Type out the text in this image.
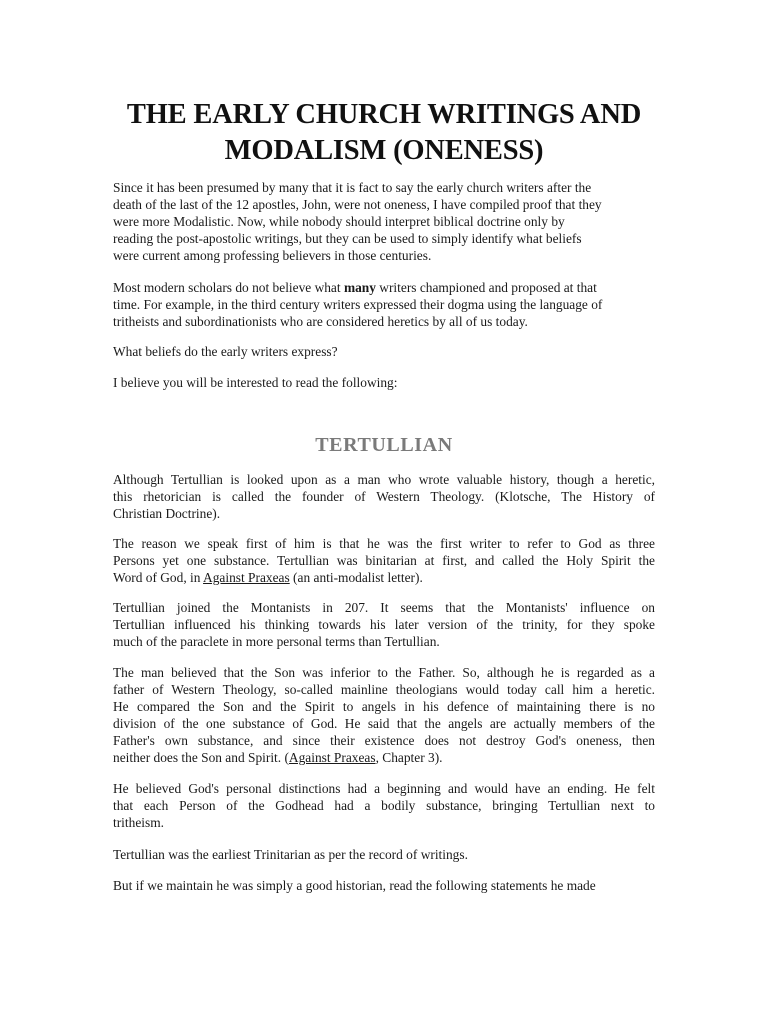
THE EARLY CHURCH WRITINGS AND
MODALISM (ONENESS)

Since it has been presumed by many that it is fact to say the early church writers after the
death of the last of the 12 apostles, John, were not oneness, I have compiled proof that they
were more Modalistic. Now, while nobody should interpret biblical doctrine only by
reading the post-apostolic writings, but they can be used to simply identify what beliefs
were current among professing believers in those centuries.

Most modern scholars do not believe what many writers championed and proposed at that
time. For example, in the third century writers expressed their dogma using the language of
tritheists and subordinationists who are considered heretics by all of us today.

What beliefs do the early writers express?

I believe you will be interested to read the following:

TERTULLIAN

Although Tertullian is looked upon as a man who wrote valuable history, though a heretic,
this rhetorician is called the founder of Western Theology. (Klotsche, The History of
Christian Doctrine).

The reason we speak first of him is that he was the first writer to refer to God as three
Persons yet one substance. Tertullian was binitarian at first, and called the Holy Spirit the
Word of God, in Against Praxeas (an anti-modalist letter).

Tertullian joined the Montanists in 207. It seems that the Montanists' influence on
Tertullian influenced his thinking towards his later version of the trinity, for they spoke
much of the paraclete in more personal terms than Tertullian.

The man believed that the Son was inferior to the Father. So, although he is regarded as a
father of Western Theology, so-called mainline theologians would today call him a heretic.
He compared the Son and the Spirit to angels in his defence of maintaining there is no
division of the one substance of God. He said that the angels are actually members of the
Father's own substance, and since their existence does not destroy God's oneness, then
neither does the Son and Spirit. (Against Praxeas, Chapter 3).

He believed God's personal distinctions had a beginning and would have an ending. He felt
that each Person of the Godhead had a bodily substance, bringing Tertullian next to
tritheism.

Tertullian was the earliest Trinitarian as per the record of writings.

But if we maintain he was simply a good historian, read the following statements he made
